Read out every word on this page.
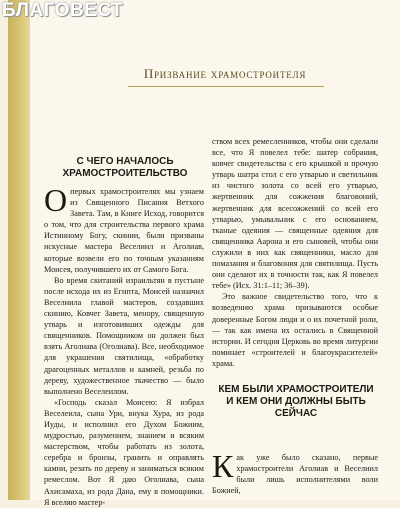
Призвание храмостроителя
С ЧЕГО НАЧАЛОСЬ ХРАМОСТРОИТЕЛЬСТВО

Опервых храмостроителях мы узнаем из Священного Писания Ветхого Завета. Там, в Книге Исход, говорится о том, что для строительства первого храма Истинному Богу, скинии, были призваны искусные мастера Веселиил и Аголиав, которые возвели его по точным указаниям Моисея, получившего их от Самого Бога.

Во время скитаний израильтян в пустыне после исхода их из Египта, Моисей назначил Веселиила главой мастеров, создавших скинию, Ковчег Завета, менору, священную утварь и изготовивших одежды для священников. Помощником он должен был взять Аголиава (Оголиава). Все, необходимое для украшения святилища, «обработку драгоценных металлов и камней, резьба по дереву, художественное ткачество — было выполнено Веселеилом.

«Господь сказал Моисею: Я избрал Веселеила, сына Ури, внука Хура, из рода Иуды, и исполнил его Духом Божиим, мудростью, разумением, знанием и всяким мастерством, чтобы работать из золота, серебра и бронзы, гранить и оправлять камни, резать по дереву и заниматься всяким ремеслом. Вот Я даю Оголиава, сына Ахисамаха, из рода Дана, ему в помощники. Я вселяю мастер-

ством всех ремесленников, чтобы они сделали все, что Я повелел тебе: шатер собрания, ковчег свидетельства с его крышкой и прочую утварь шатра стол с его утварью и светильник из чистого золота со всей его утварью, жертвенник для сожжения благовоний, жертвенник для всесожжений со всей его утварью, умывальник с его основанием, тканые одеяния — священные одеяния для священника Аарона и его сыновей, чтобы они служили в них как священники, масло для помазания и благовония для святилища. Пусть они сделают их в точности так, как Я повелел тебе» (Исх. 31:1–11; 36–39).

Это важное свидетельство того, что к возведению храма призываются особые доверенные Богом люди и о их почетной роли, — так как имена их остались в Священной истории. И сегодня Церковь во время литургии поминает «строителей и благоукрасителей» храма.

КЕМ БЫЛИ ХРАМОСТРОИТЕЛИ И КЕМ ОНИ ДОЛЖНЫ БЫТЬ СЕЙЧАС

Как уже было сказано, первые храмостроители Аголиав и Веселиил были лишь исполнителями воли Божией,

БЛАГОВЕСТ
